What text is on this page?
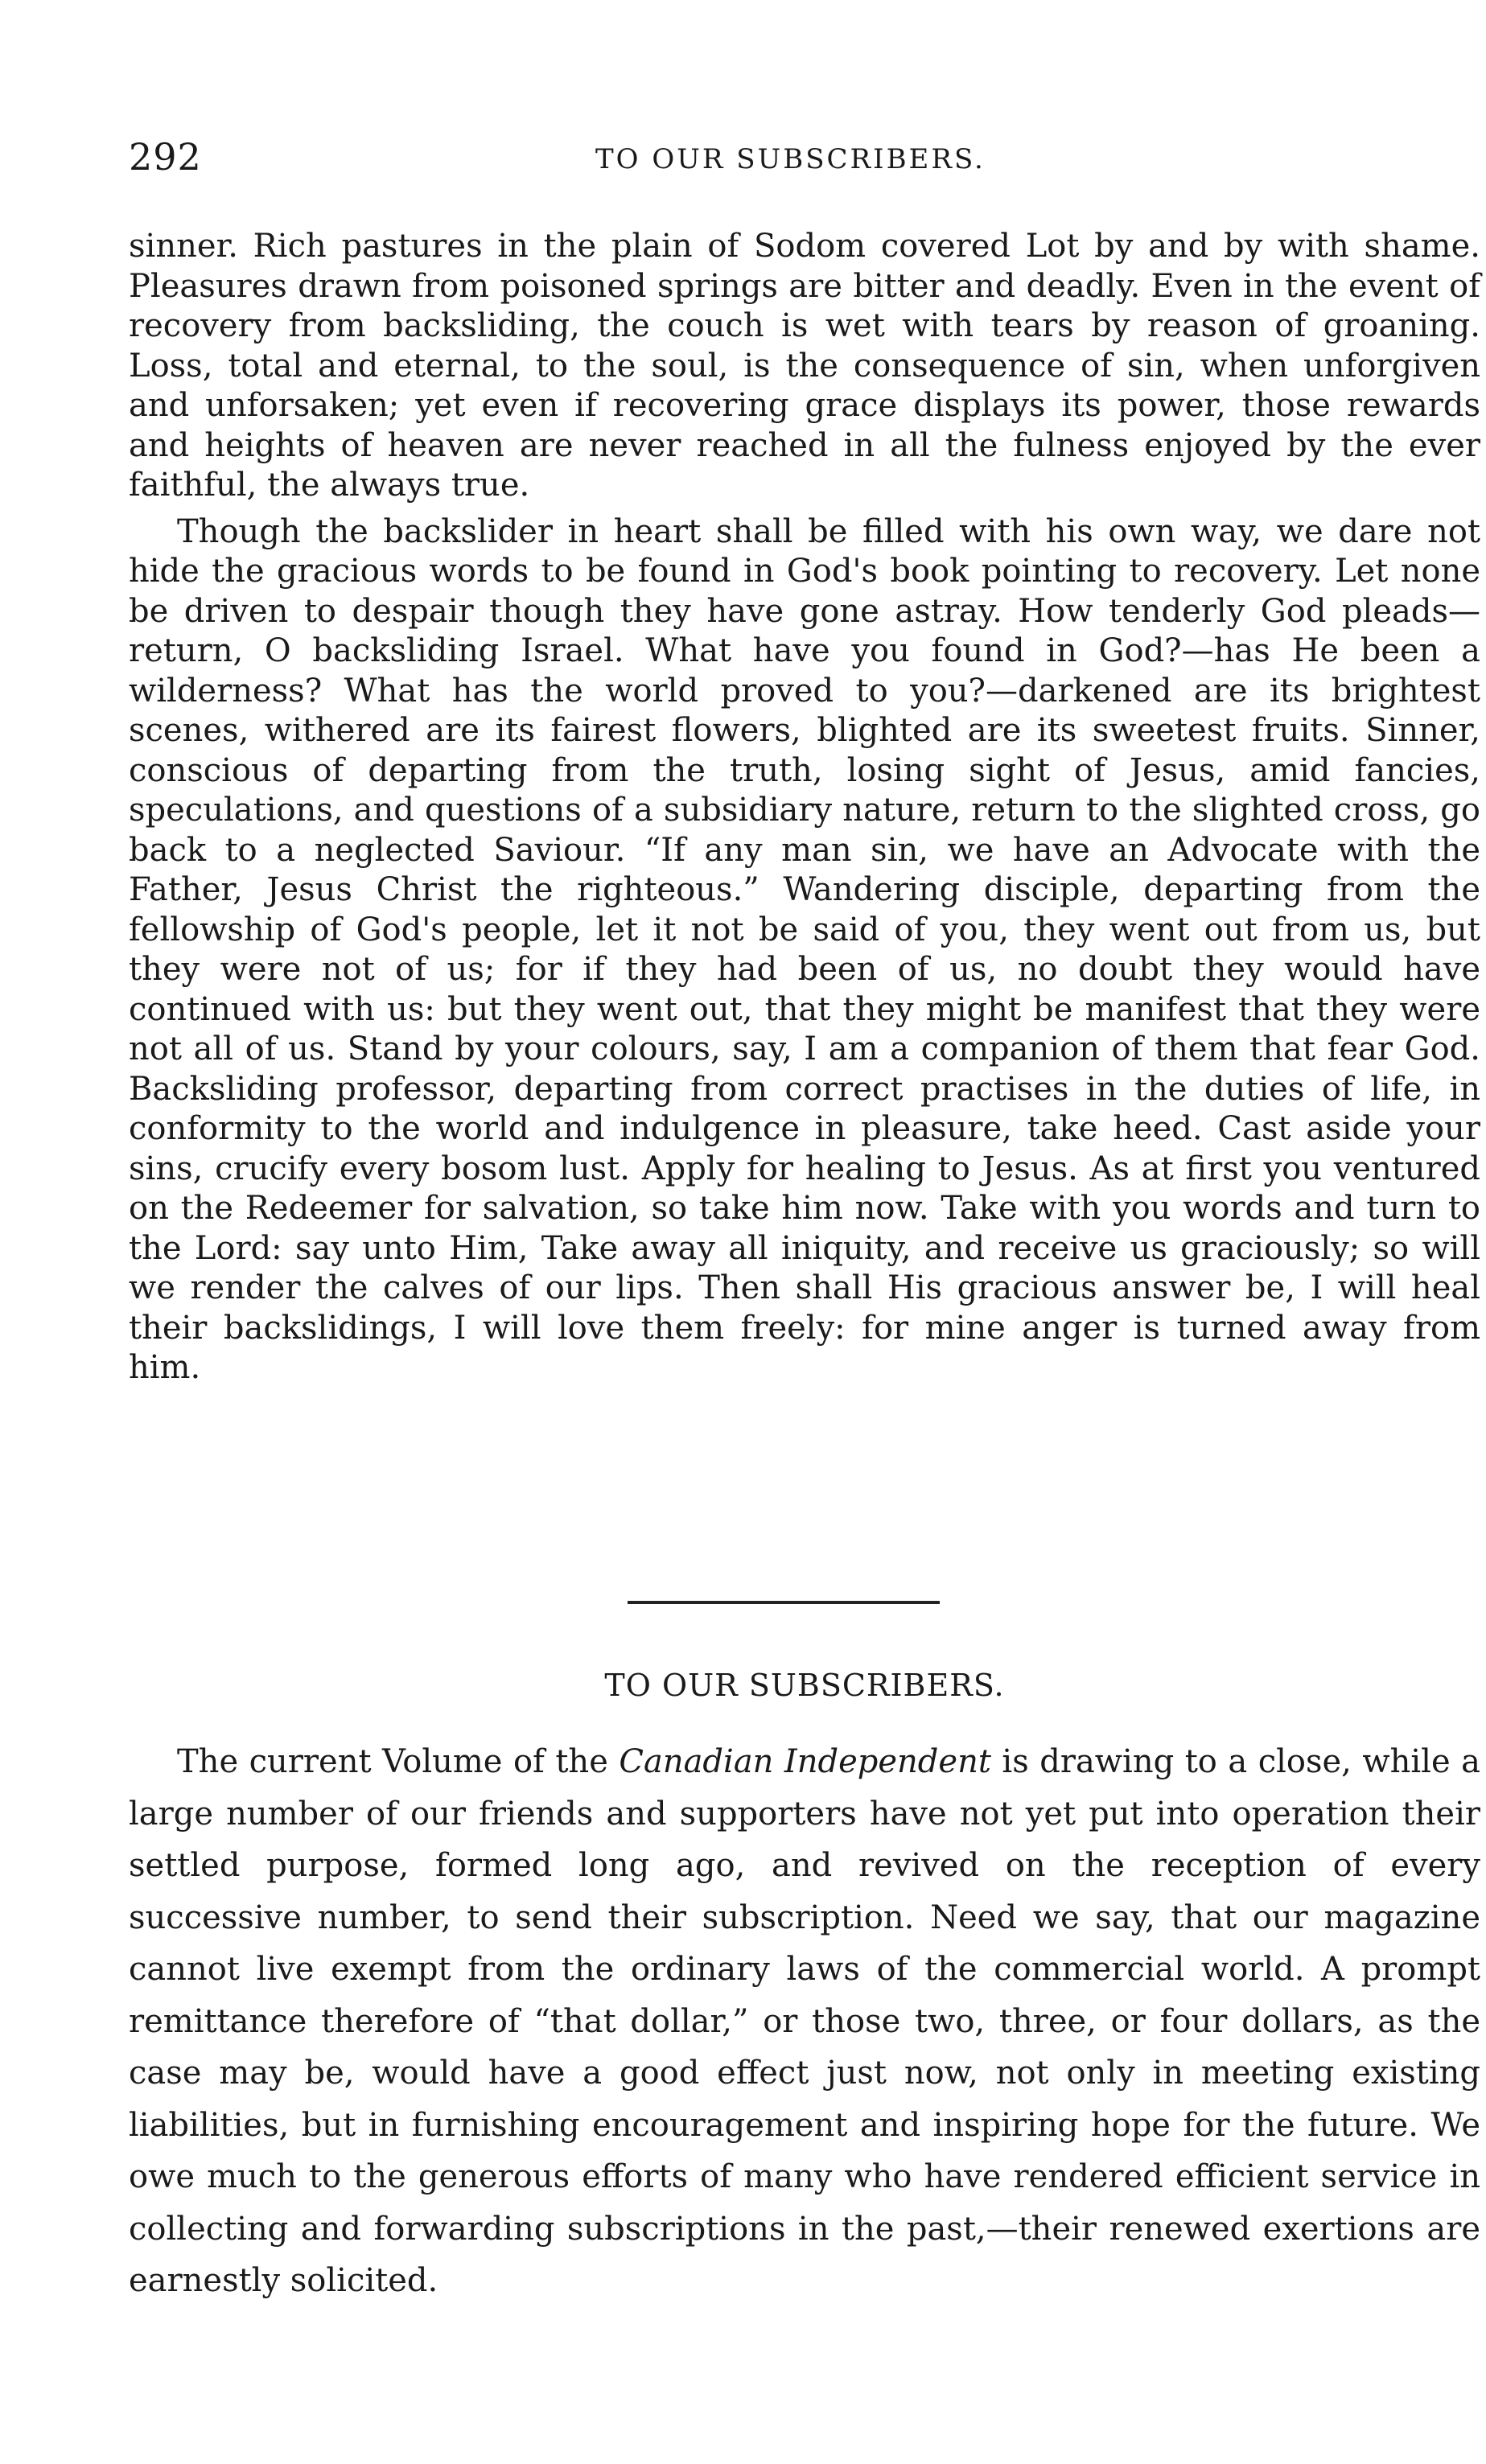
292	TO OUR SUBSCRIBERS.

sinner. Rich pastures in the plain of Sodom covered Lot by and by with shame. Pleasures drawn from poisoned springs are bitter and deadly. Even in the event of recovery from backsliding, the couch is wet with tears by reason of groaning. Loss, total and eternal, to the soul, is the consequence of sin, when unforgiven and unforsaken; yet even if recovering grace displays its power, those rewards and heights of heaven are never reached in all the fulness enjoyed by the ever faithful, the always true.

Though the backslider in heart shall be filled with his own way, we dare not hide the gracious words to be found in God's book pointing to recovery. Let none be driven to despair though they have gone astray. How tenderly God pleads—return, O backsliding Israel. What have you found in God?—has He been a wilderness? What has the world proved to you?—darkened are its brightest scenes, withered are its fairest flowers, blighted are its sweetest fruits. Sinner, conscious of departing from the truth, losing sight of Jesus, amid fancies, speculations, and questions of a subsidiary nature, return to the slighted cross, go back to a neglected Saviour. “If any man sin, we have an Advocate with the Father, Jesus Christ the righteous.” Wandering disciple, departing from the fellowship of God's people, let it not be said of you, they went out from us, but they were not of us; for if they had been of us, no doubt they would have continued with us: but they went out, that they might be manifest that they were not all of us. Stand by your colours, say, I am a companion of them that fear God. Backsliding professor, departing from correct practises in the duties of life, in conformity to the world and indulgence in pleasure, take heed. Cast aside your sins, crucify every bosom lust. Apply for healing to Jesus. As at first you ventured on the Redeemer for salvation, so take him now. Take with you words and turn to the Lord: say unto Him, Take away all iniquity, and receive us graciously; so will we render the calves of our lips. Then shall His gracious answer be, I will heal their backslidings, I will love them freely: for mine anger is turned away from him.

TO OUR SUBSCRIBERS.

The current Volume of the Canadian Independent is drawing to a close, while a large number of our friends and supporters have not yet put into operation their settled purpose, formed long ago, and revived on the reception of every successive number, to send their subscription. Need we say, that our magazine cannot live exempt from the ordinary laws of the commercial world. A prompt remittance therefore of “that dollar,” or those two, three, or four dollars, as the case may be, would have a good effect just now, not only in meeting existing liabilities, but in furnishing encouragement and inspiring hope for the future. We owe much to the generous efforts of many who have rendered efficient service in collecting and forwarding subscriptions in the past,—their renewed exertions are earnestly solicited.
